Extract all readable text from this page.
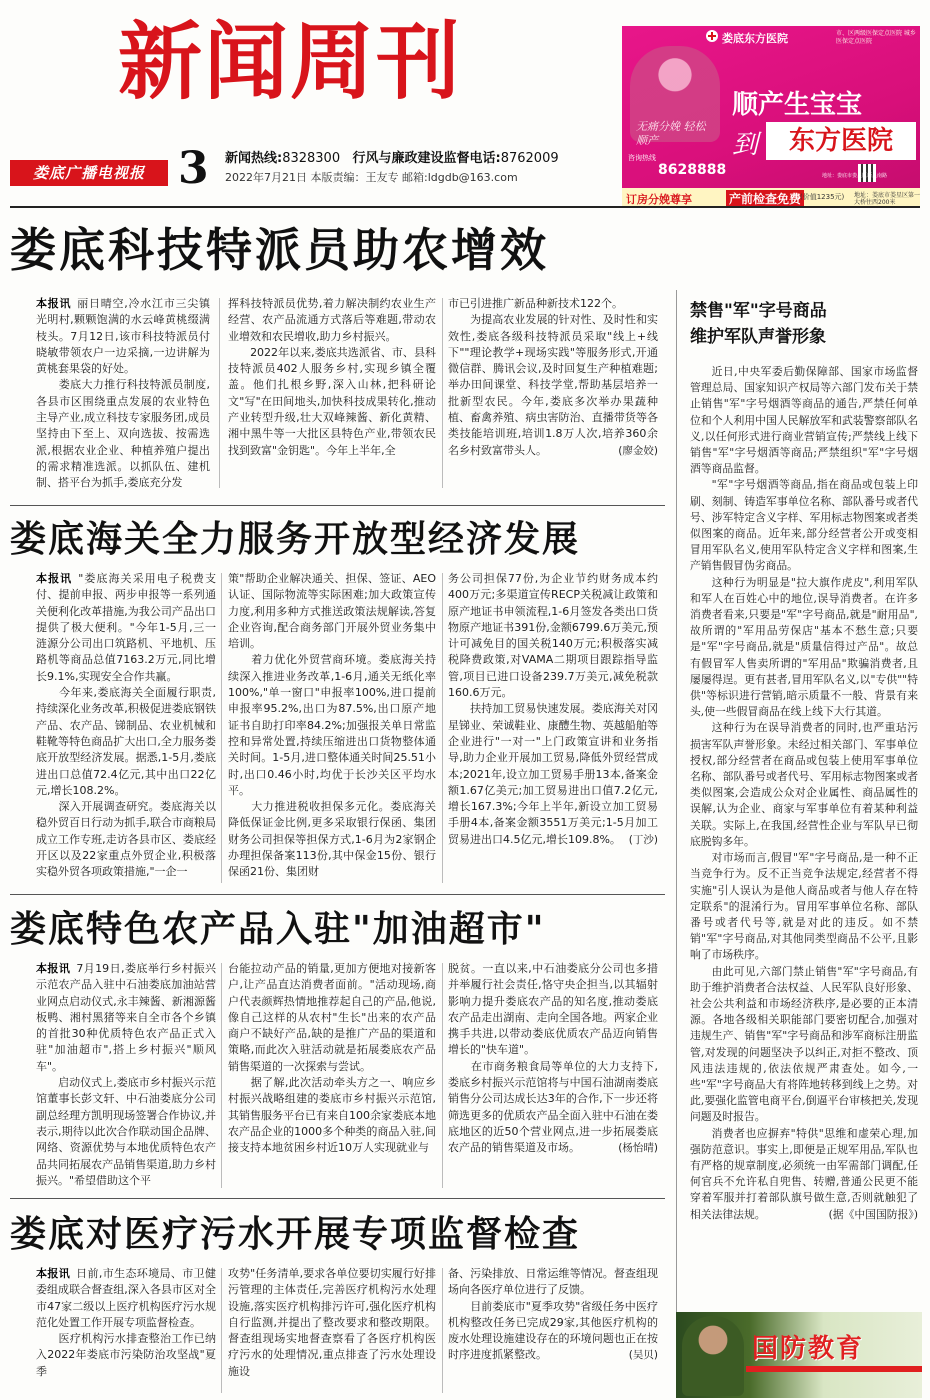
新闻周刊
娄底广播电视报 3 新闻热线:8328300 行风与廉政建设监督电话:8762009
2022年7月21日 本版责编：王友专 邮箱:ldgdb@163.com
娄底东方医院	市、区两级医保定点医院 城乡医保定点医院
顺产生宝宝
到	东方医院
无痛分娩 轻松顺产
咨询热线
8628888	地址：娄底市娄星区新星南路
订房分娩尊享	产前检查免费
(价值1235元) 地址：娄底市娄星区第一大桥往西200米
娄底科技特派员助农增效
本报讯 丽日晴空,冷水江市三尖镇光明村,颗颗饱满的水云峰黄桃缀满枝头。7月12日,该市科技特派员付晓敏带领农户一边采摘,一边讲解为黄桃套果袋的好处。
　　娄底大力推行科技特派员制度,各县市区围绕重点发展的农业特色主导产业,成立科技专家服务团,成员坚持由下至上、双向选拔、按需选派,根据农业企业、种植养殖户提出的需求精准选派。以抓队伍、建机制、搭平台为抓手,娄底充分发
挥科技特派员优势,着力解决制约农业生产经营、农产品流通方式落后等难题,带动农业增效和农民增收,助力乡村振兴。
　　2022年以来,娄底共选派省、市、县科技特派员402人服务乡村,实现乡镇全覆盖。他们扎根乡野,深入山林,把科研论文"写"在田间地头,加快科技成果转化,推动产业转型升级,壮大双峰辣酱、新化黄精、湘中黑牛等一大批区县特色产业,带领农民找到致富"金钥匙"。今年上半年,全
市已引进推广新品种新技术122个。
　　为提高农业发展的针对性、及时性和实效性,娄底各级科技特派员采取"线上+线下""理论教学+现场实践"等服务形式,开通微信群、腾讯会议,及时回复生产种植难题;举办田间课堂、科技学堂,帮助基层培养一批新型农民。今年,娄底多次举办果蔬种植、畜禽养殖、病虫害防治、直播带货等各类技能培训班,培训1.8万人次,培养360余名乡村致富带头人。	(廖金姣)
娄底海关全力服务开放型经济发展
本报讯 "娄底海关采用电子税费支付、提前申报、两步申报等一系列通关便利化改革措施,为我公司产品出口提供了极大便利。"今年1-5月,三一涟源分公司出口筑路机、平地机、压路机等商品总值7163.2万元,同比增长9.1%,实现安全合作共赢。
　　今年来,娄底海关全面履行职责,持续深化业务改革,积极促进娄底钢铁产品、农产品、锑制品、农业机械和鞋靴等特色商品扩大出口,全力服务娄底开放型经济发展。据悉,1-5月,娄底进出口总值72.4亿元,其中出口22亿元,增长108.2%。
　　深入开展调查研究。娄底海关以稳外贸百日行动为抓手,联合市商粮局成立工作专班,走访各县市区、娄底经开区以及22家重点外贸企业,积极落实稳外贸各项政策措施,"一企一
策"帮助企业解决通关、担保、签证、AEO认证、国际物流等实际困难;加大政策宣传力度,利用多种方式推送政策法规解读,答复企业咨询,配合商务部门开展外贸业务集中培训。
　　着力优化外贸营商环境。娄底海关持续深入推进业务改革,1-6月,通关无纸化率100%,"单一窗口"申报率100%,进口提前申报率95.2%,出口为87.5%,出口原产地证书自助打印率84.2%;加强报关单日常监控和异常处置,持续压缩进出口货物整体通关时间。1-5月,进口整体通关时间25.51小时,出口0.46小时,均优于长沙关区平均水平。
　　大力推进税收担保多元化。娄底海关降低保证金比例,更多采取银行保函、集团财务公司担保等担保方式,1-6月为2家钢企办理担保备案113份,其中保金15份、银行保函21份、集团财
务公司担保77份,为企业节约财务成本约400万元;多渠道宣传RECP关税减让政策和原产地证书申领流程,1-6月签发各类出口货物原产地证书391份,金额6799.6万美元,预计可减免目的国关税140万元;积极落实减税降费政策,对VAMA二期项目跟踪指导监管,项目已进口设备239.7万美元,减免税款160.6万元。
　　扶持加工贸易快速发展。娄底海关对冈星锑业、荣诚鞋业、康醴生物、英越船舶等企业进行"一对一"上门政策宣讲和业务指导,助力企业开展加工贸易,降低外贸经营成本;2021年,设立加工贸易手册13本,备案金额1.67亿美元;加工贸易进出口值7.2亿元,增长167.3%;今年上半年,新设立加工贸易手册4本,备案金额3551万美元;1-5月加工贸易进出口4.5亿元,增长109.8%。 (丁沙)
娄底特色农产品入驻"加油超市"
本报讯 7月19日,娄底举行乡村振兴示范农产品入驻中石油娄底加油站营业网点启动仪式,永丰辣酱、新湘源酱板鸭、湘村黑猪等来自全市各个乡镇的首批30种优质特色农产品正式入驻"加油超市",搭上乡村振兴"顺风车"。
　　启动仪式上,娄底市乡村振兴示范馆董事长彭文轩、中石油娄底分公司副总经理方凯明现场签署合作协议,并表示,期待以此次合作联动国企品牌、网络、资源优势与本地优质特色农产品共同拓展农产品销售渠道,助力乡村振兴。"希望借助这个平
台能拉动产品的销量,更加方便地对接新客户,让产品直达消费者面前。"活动现场,商户代表颜辉热情地推荐起自己的产品,他说,像自己这样的从农村"生长"出来的农产品商户不缺好产品,缺的是推广产品的渠道和策略,而此次入驻活动就是拓展娄底农产品销售渠道的一次探索与尝试。
　　据了解,此次活动牵头方之一、响应乡村振兴战略组建的娄底市乡村振兴示范馆,其销售服务平台已有来自100余家娄底本地农产品企业的1000多个种类的商品入驻,间接支持本地贫困乡村近10万人实现就业与
脱贫。一直以来,中石油娄底分公司也多措并举履行社会责任,恪守央企担当,以其辐射影响力提升娄底农产品的知名度,推动娄底农产品走出湖南、走向全国各地。两家企业携手共进,以带动娄底优质农产品迈向销售增长的"快车道"。
　　在市商务粮食局等单位的大力支持下,娄底乡村振兴示范馆将与中国石油湖南娄底销售分公司达成长达3年的合作,下一步还将筛选更多的优质农产品全面入驻中石油在娄底地区的近50个营业网点,进一步拓展娄底农产品的销售渠道及市场。	(杨怡晴)
娄底对医疗污水开展专项监督检查
本报讯 日前,市生态环境局、市卫健委组成联合督查组,深入各县市区对全市47家二级以上医疗机构医疗污水规范化处置工作开展专项监督检查。
　　医疗机构污水排查整治工作已纳入2022年娄底市污染防治攻坚战"夏季
攻势"任务清单,要求各单位要切实履行好排污管理的主体责任,完善医疗机构污水处理设施,落实医疗机构排污许可,强化医疗机构自行监测,并提出了整改要求和整改期限。督查组现场实地督查察看了各医疗机构医疗污水的处理情况,重点排查了污水处理设施设
备、污染排放、日常运维等情况。督查组现场向各医疗单位进行了反馈。
　　目前娄底市"夏季攻势"省级任务中医疗机构整改任务已完成29家,其他医疗机构的废水处理设施建设存在的环境问题也正在按时序进度抓紧整改。	(吴贝)
禁售"军"字号商品
维护军队声誉形象

近日,中央军委后勤保障部、国家市场监督管理总局、国家知识产权局等六部门发布关于禁止销售"军"字号烟酒等商品的通告,严禁任何单位和个人利用中国人民解放军和武装警察部队名义,以任何形式进行商业营销宣传;严禁线上线下销售"军"字号烟酒等商品;严禁组织"军"字号烟酒等商品监督。

"军"字号烟酒等商品,指在商品或包装上印刷、刻制、铸造军事单位名称、部队番号或者代号、涉军特定含义字样、军用标志物图案或者类似图案的商品。近年来,部分经营者公开或变相冒用军队名义,使用军队特定含义字样和图案,生产销售假冒伪劣商品。

这种行为明显是"拉大旗作虎皮",利用军队和军人在百姓心中的地位,误导消费者。在许多消费者看来,只要是"军"字号商品,就是"耐用品",故所谓的"军用品劳保店"基本不愁生意;只要是"军"字号商品,就是"质量信得过产品"。故总有假冒军人售卖所谓的"军用品"欺骗消费者,且屡屡得逞。更有甚者,冒用军队名义,以"专供""特供"等标识进行营销,暗示质量不一般、背景有来头,使一些假冒商品在线上线下大行其道。

这种行为在误导消费者的同时,也严重玷污损害军队声誉形象。未经过相关部门、军事单位授权,部分经营者在商品或包装上使用军事单位名称、部队番号或者代号、军用标志物图案或者类似图案,会造成公众对企业属性、商品属性的误解,认为企业、商家与军事单位有着某种利益关联。实际上,在我国,经营性企业与军队早已彻底脱钩多年。

对市场而言,假冒"军"字号商品,是一种不正当竞争行为。反不正当竞争法规定,经营者不得实施"引人误认为是他人商品或者与他人存在特定联系"的混淆行为。冒用军事单位名称、部队番号或者代号等,就是对此的违反。如不禁销"军"字号商品,对其他同类型商品不公平,且影响了市场秩序。

由此可见,六部门禁止销售"军"字号商品,有助于维护消费者合法权益、人民军队良好形象、社会公共利益和市场经济秩序,是必要的正本清源。各地各级相关职能部门要密切配合,加强对违规生产、销售"军"字号商品和涉军商标注册监管,对发现的问题坚决予以纠正,对拒不整改、顶风违法违规的,依法依规严肃查处。如今,一些"军"字号商品大有将阵地转移到线上之势。对此,要强化监管电商平台,倒逼平台审核把关,发现问题及时报告。

消费者也应摒弃"特供"思维和虚荣心理,加强防范意识。事实上,即便是正规军用品,军队也有严格的规章制度,必须统一由军需部门调配,任何官兵不允许私自兜售、转赠,普通公民更不能穿着军服并打着部队旗号做生意,否则就触犯了相关法律法规。	(据《中国国防报》)

国防教育
